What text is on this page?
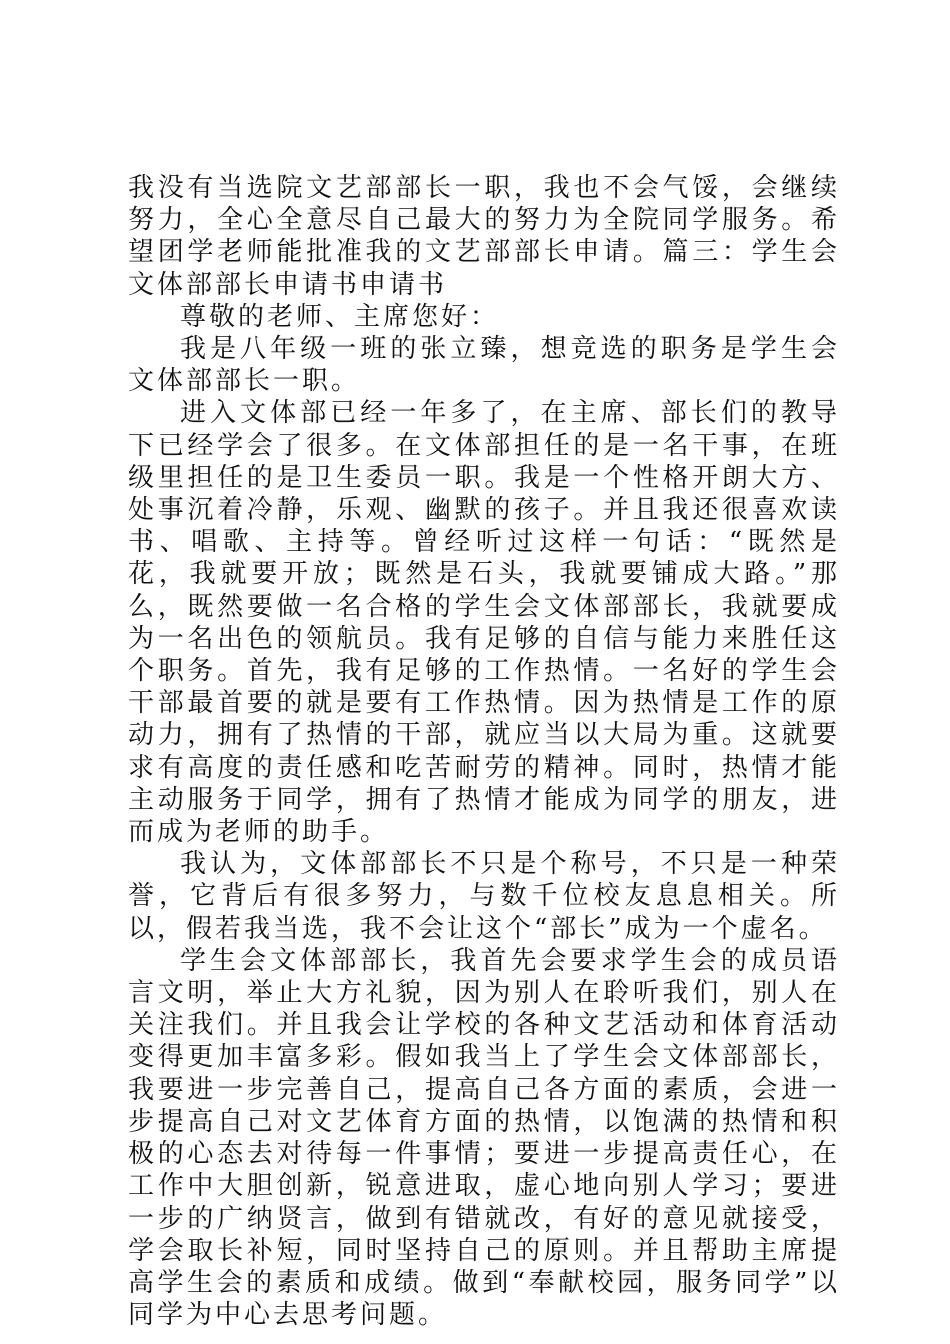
我没有当选院文艺部部长一职，我也不会气馁，会继续努力，全心全意尽自己最大的努力为全院同学服务。希望团学老师能批准我的文艺部部长申请。篇三：学生会文体部部长申请书申请书

尊敬的老师、主席您好：

我是八年级一班的张立臻，想竞选的职务是学生会文体部部长一职。

进入文体部已经一年多了，在主席、部长们的教导下已经学会了很多。在文体部担任的是一名干事，在班级里担任的是卫生委员一职。我是一个性格开朗大方、处事沉着冷静，乐观、幽默的孩子。并且我还很喜欢读书、唱歌、主持等。曾经听过这样一句话：“既然是花，我就要开放；既然是石头，我就要铺成大路。”那么，既然要做一名合格的学生会文体部部长，我就要成为一名出色的领航员。我有足够的自信与能力来胜任这个职务。首先，我有足够的工作热情。一名好的学生会干部最首要的就是要有工作热情。因为热情是工作的原动力，拥有了热情的干部，就应当以大局为重。这就要求有高度的责任感和吃苦耐劳的精神。同时，热情才能主动服务于同学，拥有了热情才能成为同学的朋友，进而成为老师的助手。

我认为，文体部部长不只是个称号，不只是一种荣誉，它背后有很多努力，与数千位校友息息相关。所以，假若我当选，我不会让这个“部长”成为一个虚名。

学生会文体部部长，我首先会要求学生会的成员语言文明，举止大方礼貌，因为别人在聆听我们，别人在关注我们。并且我会让学校的各种文艺活动和体育活动变得更加丰富多彩。假如我当上了学生会文体部部长，我要进一步完善自己，提高自己各方面的素质，会进一步提高自己对文艺体育方面的热情，以饱满的热情和积极的心态去对待每一件事情；要进一步提高责任心，在工作中大胆创新，锐意进取，虚心地向别人学习；要进一步的广纳贤言，做到有错就改，有好的意见就接受，学会取长补短，同时坚持自己的原则。并且帮助主席提高学生会的素质和成绩。做到“奉献校园，服务同学”以同学为中心去思考问题。
